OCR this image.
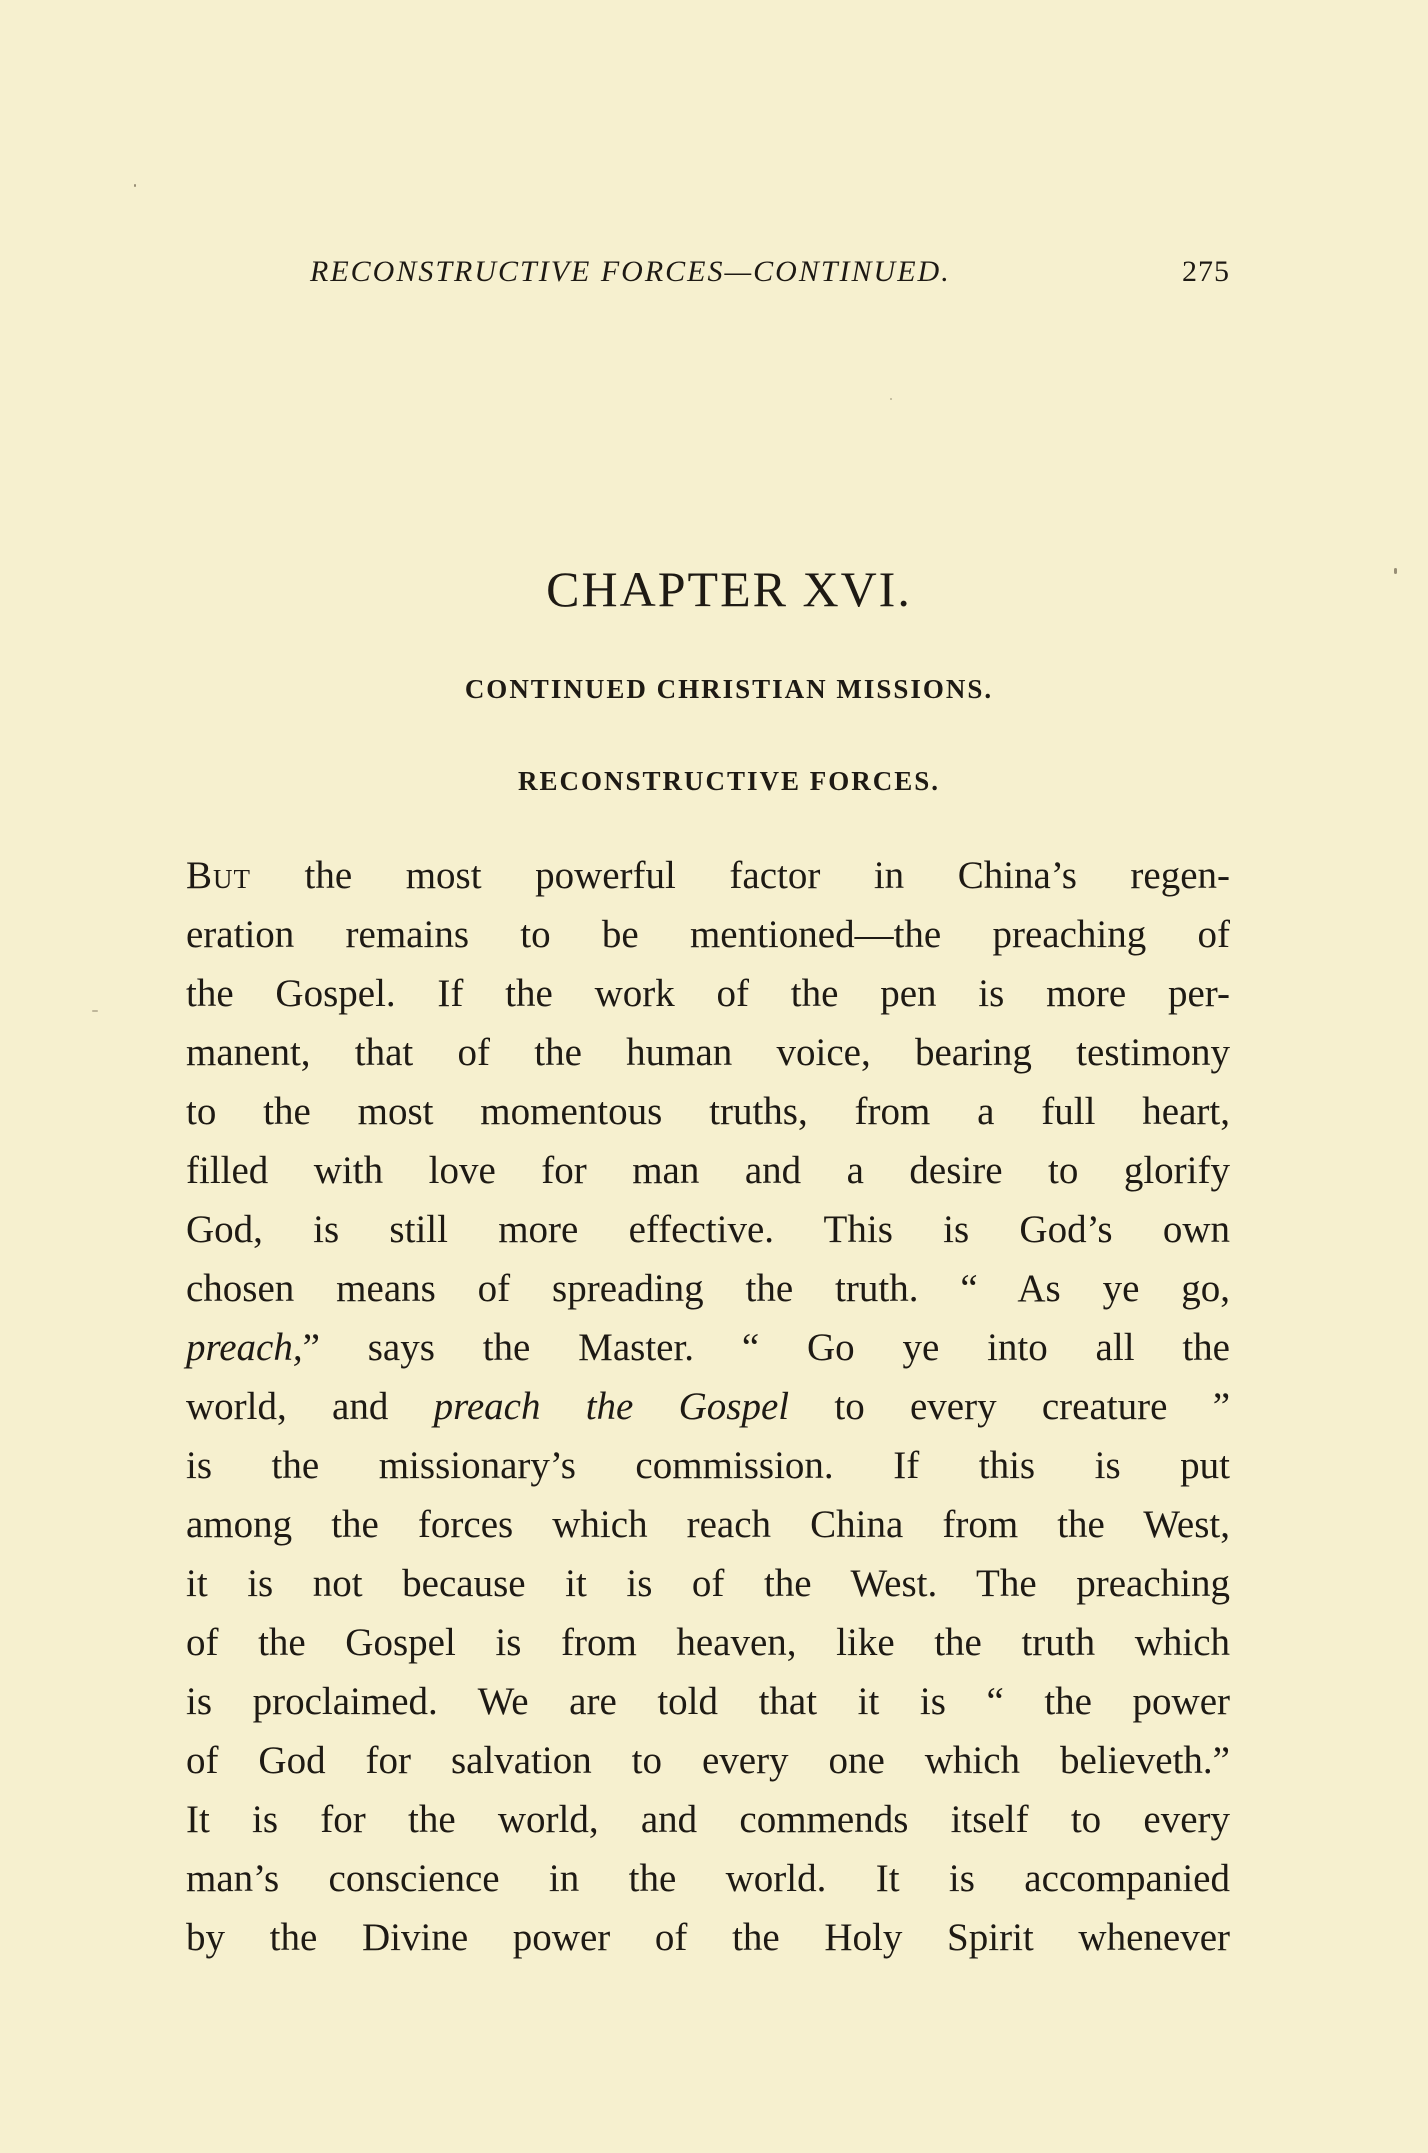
RECONSTRUCTIVE FORCES—CONTINUED.	275
CHAPTER XVI.
CONTINUED CHRISTIAN MISSIONS.
RECONSTRUCTIVE FORCES.
But the most powerful factor in China’s regen-
eration remains to be mentioned—the preaching of
the Gospel. If the work of the pen is more per-
manent, that of the human voice, bearing testimony
to the most momentous truths, from a full heart,
filled with love for man and a desire to glorify
God, is still more effective. This is God’s own
chosen means of spreading the truth. “ As ye go,
preach,” says the Master. “ Go ye into all the
world, and preach the Gospel to every creature ”
is the missionary’s commission. If this is put
among the forces which reach China from the West,
it is not because it is of the West. The preaching
of the Gospel is from heaven, like the truth which
is proclaimed. We are told that it is “ the power
of God for salvation to every one which believeth.”
It is for the world, and commends itself to every
man’s conscience in the world. It is accompanied
by the Divine power of the Holy Spirit whenever
